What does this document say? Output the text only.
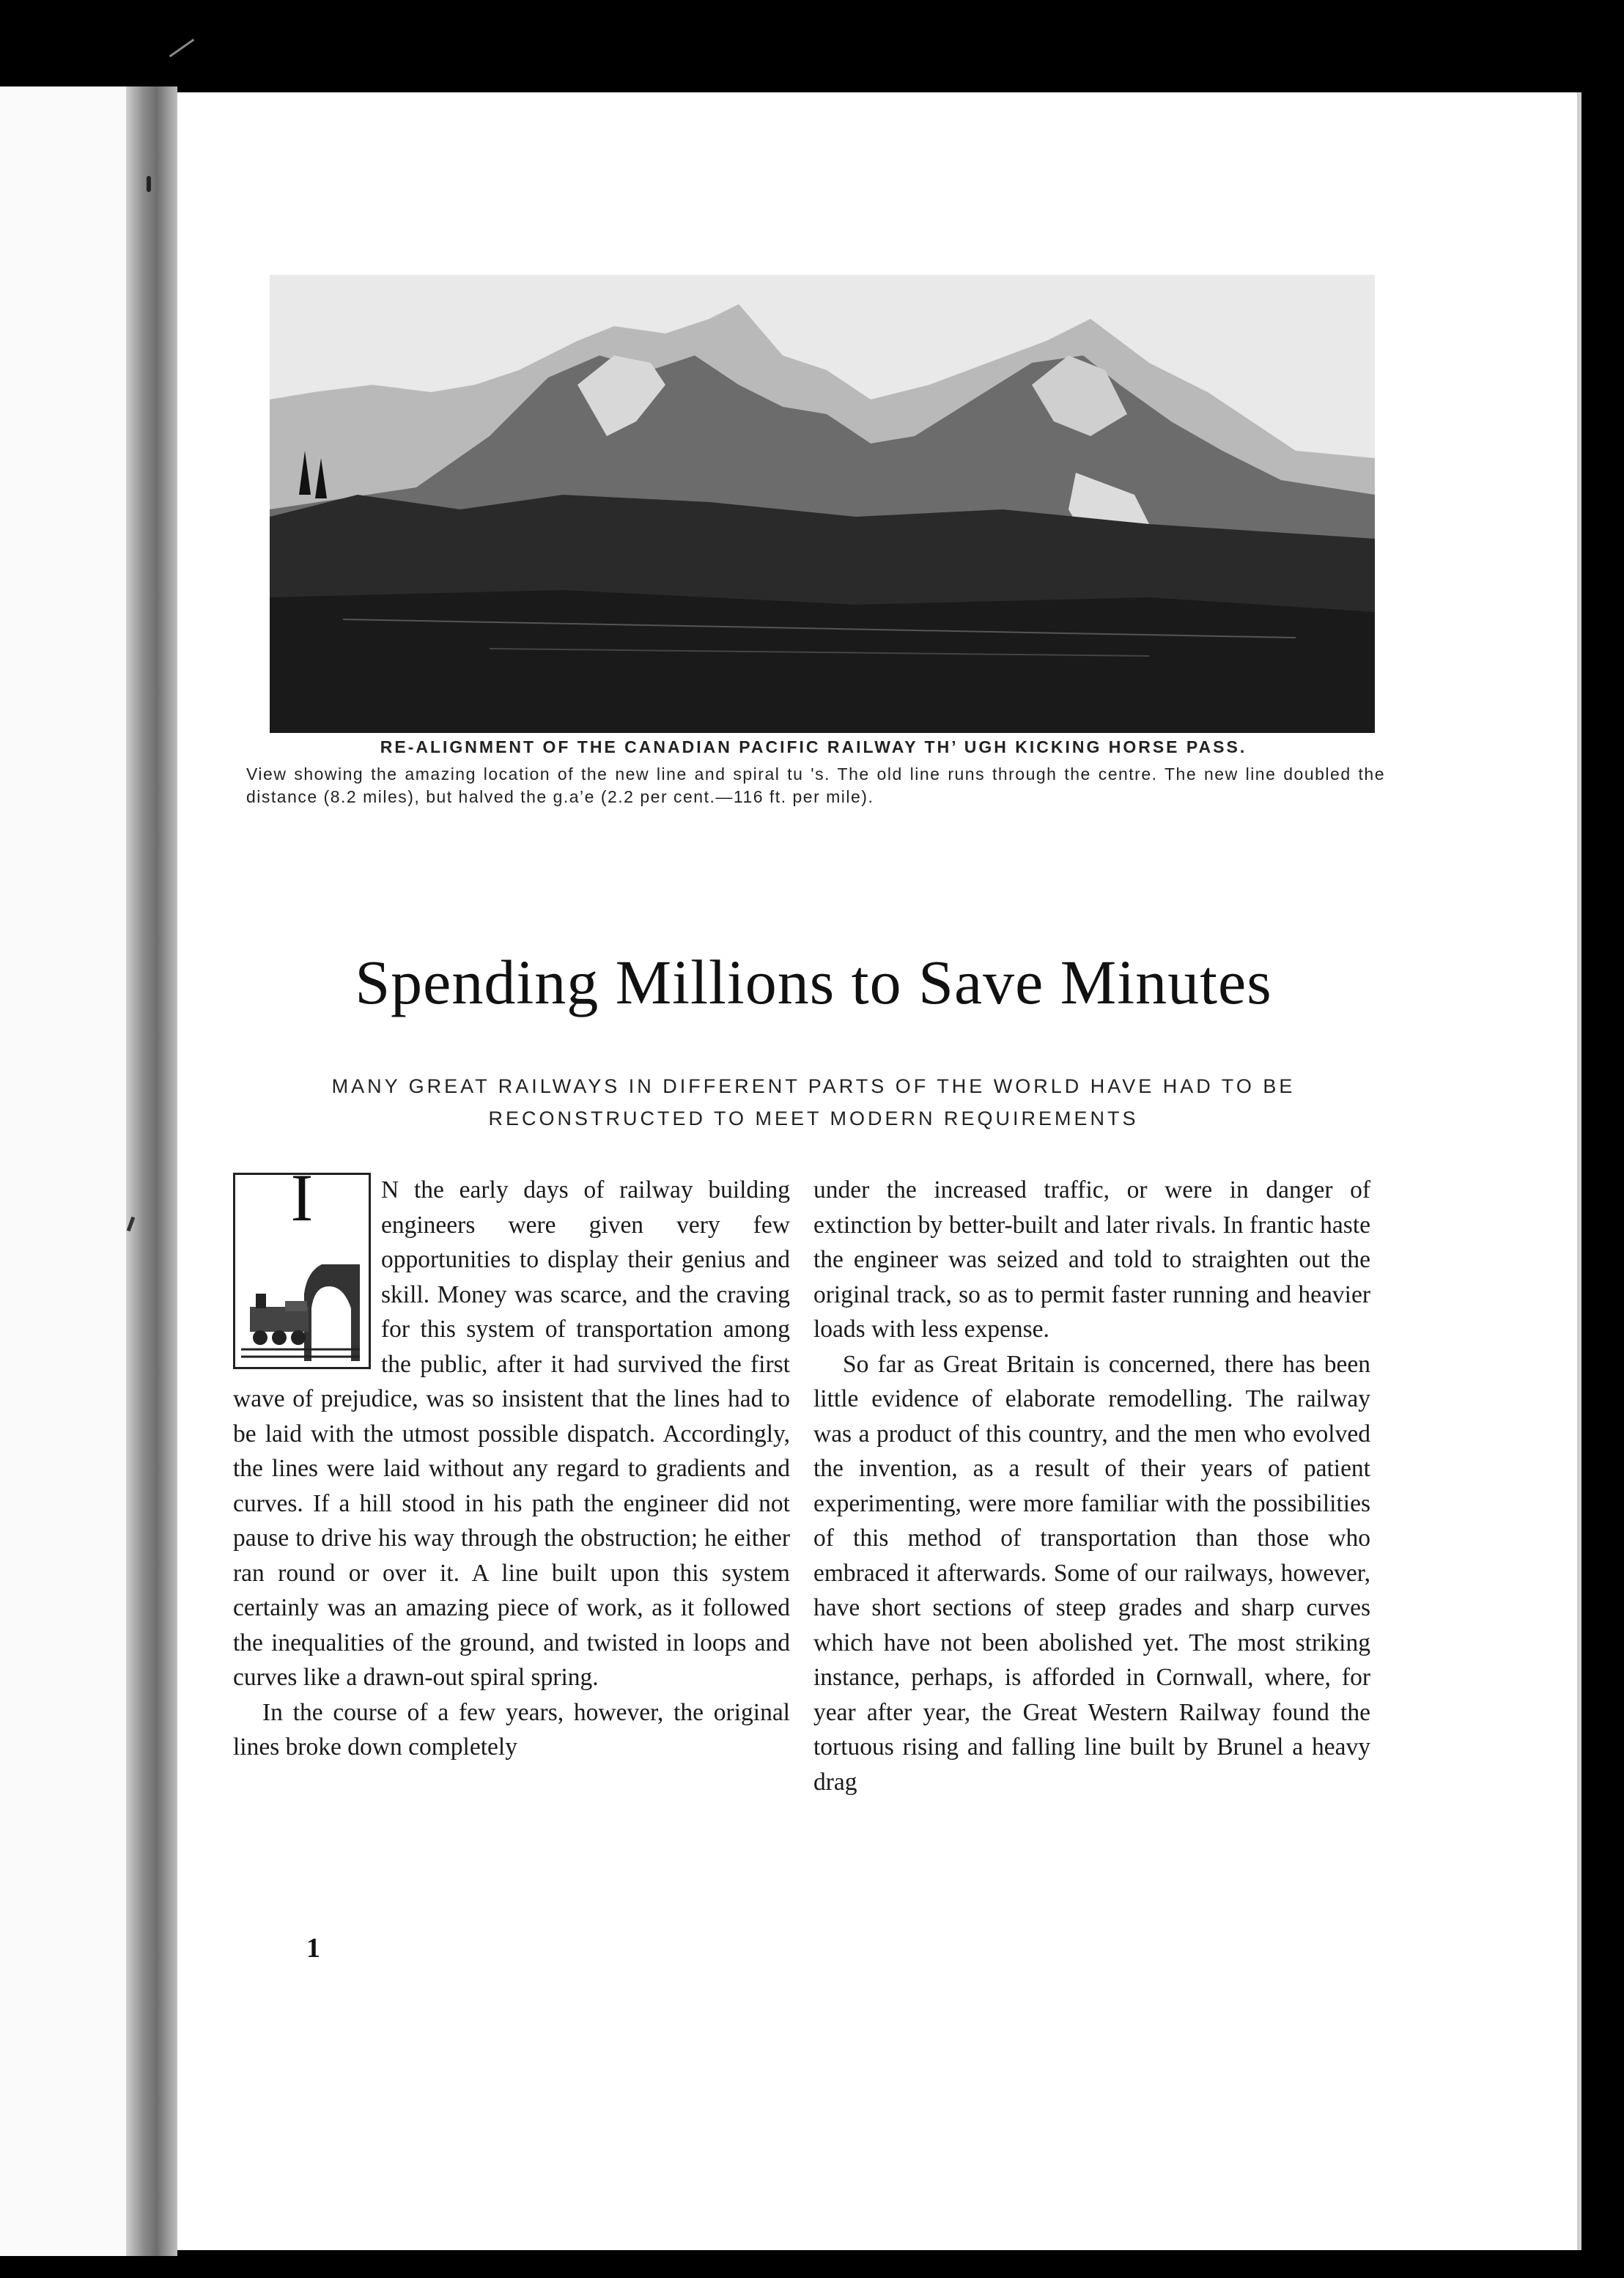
RE-ALIGNMENT OF THE CANADIAN PACIFIC RAILWAY TH’ UGH KICKING HORSE PASS.
View showing the amazing location of the new line and spiral tu 's. The old line runs through the centre. The new line doubled the distance (8.2 miles), but halved the g.a’e (2.2 per cent.—116 ft. per mile).
Spending Millions to Save Minutes
MANY GREAT RAILWAYS IN DIFFERENT PARTS OF THE WORLD HAVE HAD TO BE RECONSTRUCTED TO MEET MODERN REQUIREMENTS
I	N the early days of railway building engineers were given very few opportunities to display their genius and skill. Money was scarce, and the craving for this system of transportation among the public, after it had survived the first wave of prejudice, was so insistent that the lines had to be laid with the utmost possible dispatch. Accordingly, the lines were laid without any regard to gradients and curves. If a hill stood in his path the engineer did not pause to drive his way through the obstruction; he either ran round or over it. A line built upon this system certainly was an amazing piece of work, as it followed the inequalities of the ground, and twisted in loops and curves like a drawn-out spiral spring.

In the course of a few years, however, the original lines broke down completely

under the increased traffic, or were in danger of extinction by better-built and later rivals. In frantic haste the engineer was seized and told to straighten out the original track, so as to permit faster running and heavier loads with less expense.

So far as Great Britain is concerned, there has been little evidence of elaborate remodelling. The railway was a product of this country, and the men who evolved the invention, as a result of their years of patient experimenting, were more familiar with the possibilities of this method of transportation than those who embraced it afterwards. Some of our railways, however, have short sections of steep grades and sharp curves which have not been abolished yet. The most striking instance, perhaps, is afforded in Cornwall, where, for year after year, the Great Western Railway found the tortuous rising and falling line built by Brunel a heavy drag

1
